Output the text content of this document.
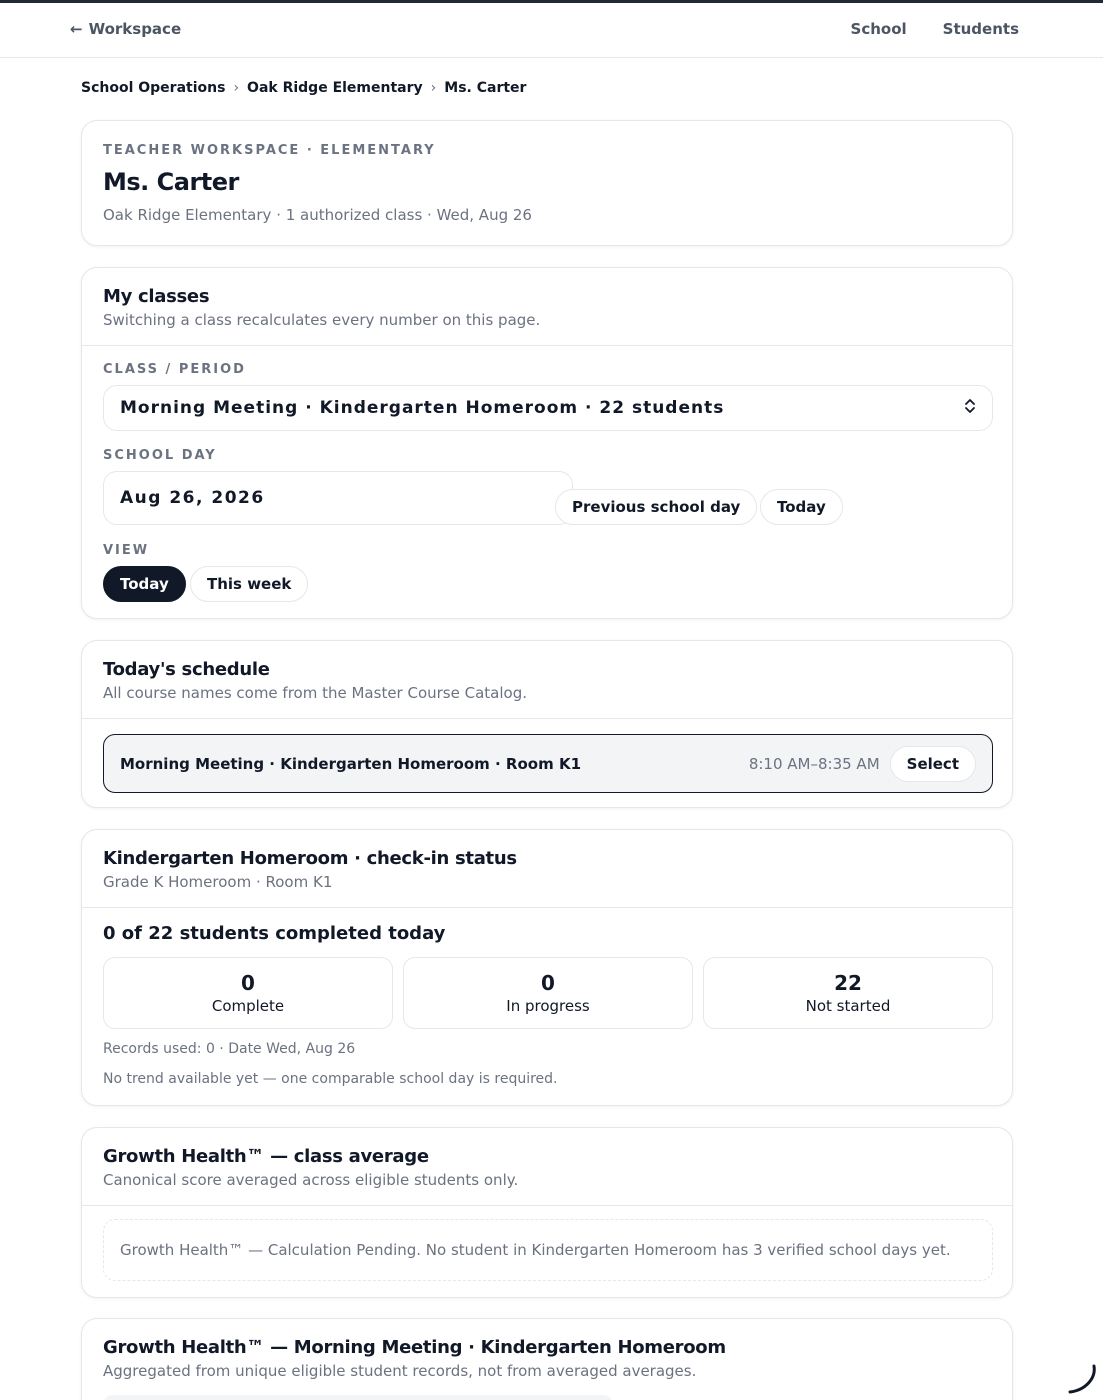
← Workspace	School Students
School Operations › Oak Ridge Elementary › Ms. Carter
TEACHER WORKSPACE · ELEMENTARY
Ms. Carter
Oak Ridge Elementary · 1 authorized class · Wed, Aug 26
My classes
Switching a class recalculates every number on this page.
CLASS / PERIOD
Morning Meeting · Kindergarten Homeroom · 22 students
SCHOOL DAY
Aug 26, 2026	Previous school day	Today
VIEW
Today	This week
Today's schedule
All course names come from the Master Course Catalog.
Morning Meeting · Kindergarten Homeroom · Room K1	8:10 AM–8:35 AM	Select
Kindergarten Homeroom · check-in status
Grade K Homeroom · Room K1
0 of 22 students completed today
0
Complete
0
In progress
22
Not started
Records used: 0 · Date Wed, Aug 26
No trend available yet — one comparable school day is required.
Growth Health™ — class average
Canonical score averaged across eligible students only.
Growth Health™ — Calculation Pending. No student in Kindergarten Homeroom has 3 verified school days yet.
Growth Health™ — Morning Meeting · Kindergarten Homeroom
Aggregated from unique eligible student records, not from averaged averages.
